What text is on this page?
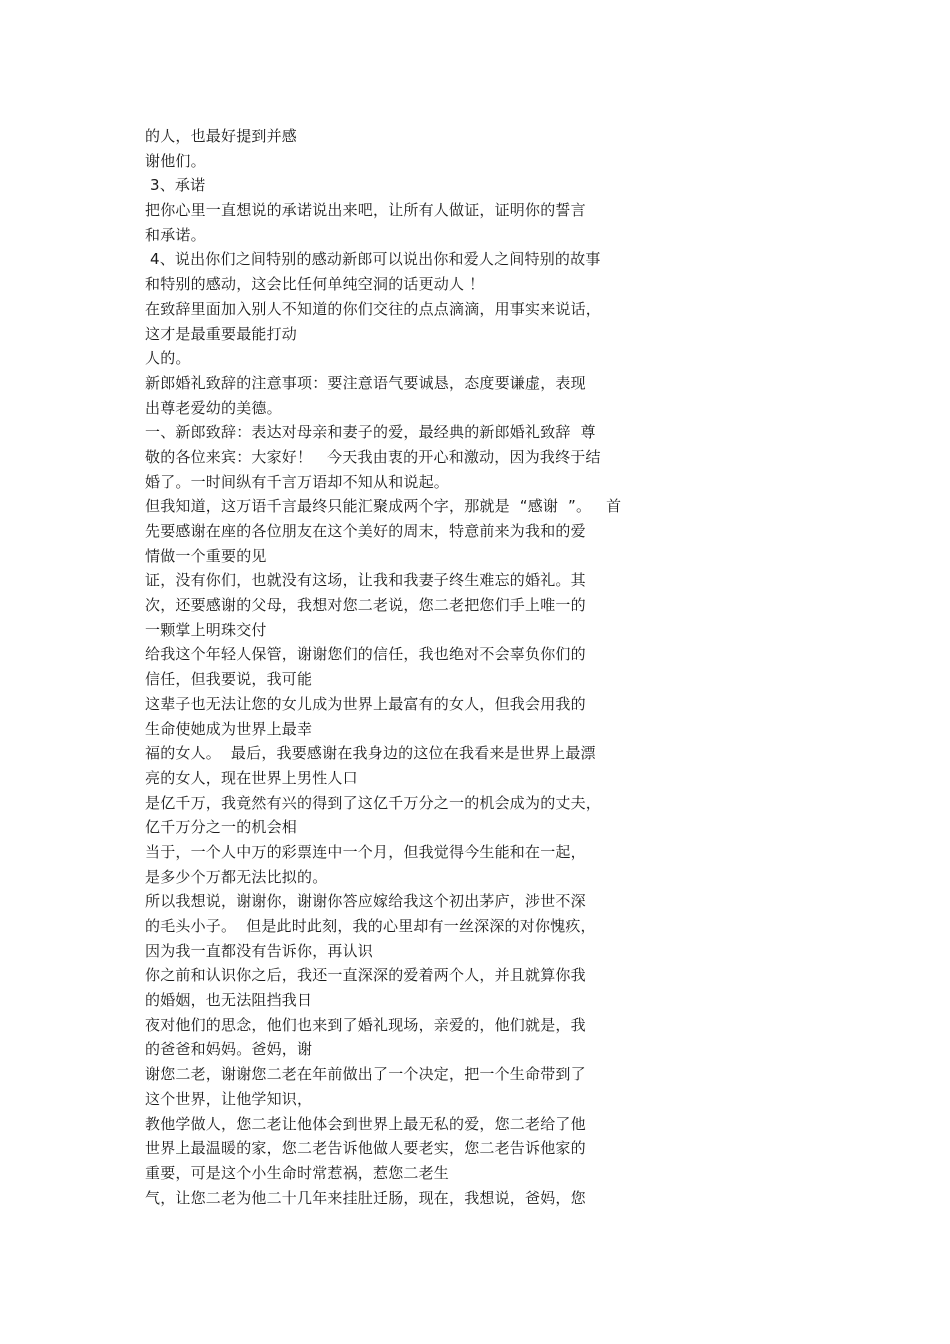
的人，也最好提到并感
谢他们。
3、承诺
把你心里一直想说的承诺说出来吧，让所有人做证，证明你的誓言
和承诺。
4、说出你们之间特别的感动新郎可以说出你和爱人之间特别的故事
和特别的感动，这会比任何单纯空洞的话更动人 ！
在致辞里面加入别人不知道的你们交往的点点滴滴，用事实来说话，
这才是最重要最能打动
人的。
新郎婚礼致辞的注意事项：要注意语气要诚恳，态度要谦虚，表现
出尊老爱幼的美德。
一、新郎致辞：表达对母亲和妻子的爱，最经典的新郎婚礼致辞  尊
敬的各位来宾：大家好！   今天我由衷的开心和激动，因为我终于结
婚了。一时间纵有千言万语却不知从和说起。
但我知道，这万语千言最终只能汇聚成两个字，那就是  “感谢  ”。   首
先要感谢在座的各位朋友在这个美好的周末，特意前来为我和的爱
情做一个重要的见
证，没有你们，也就没有这场，让我和我妻子终生难忘的婚礼。其
次，还要感谢的父母，我想对您二老说，您二老把您们手上唯一的
一颗掌上明珠交付
给我这个年轻人保管，谢谢您们的信任，我也绝对不会辜负你们的
信任，但我要说，我可能
这辈子也无法让您的女儿成为世界上最富有的女人，但我会用我的
生命使她成为世界上最幸
福的女人。  最后，我要感谢在我身边的这位在我看来是世界上最漂
亮的女人，现在世界上男性人口
是亿千万，我竟然有兴的得到了这亿千万分之一的机会成为的丈夫，
亿千万分之一的机会相
当于，一个人中万的彩票连中一个月，但我觉得今生能和在一起，
是多少个万都无法比拟的。
所以我想说，谢谢你，谢谢你答应嫁给我这个初出茅庐，涉世不深
的毛头小子。  但是此时此刻，我的心里却有一丝深深的对你愧疚，
因为我一直都没有告诉你，再认识
你之前和认识你之后，我还一直深深的爱着两个人，并且就算你我
的婚姻，也无法阻挡我日
夜对他们的思念，他们也来到了婚礼现场，亲爱的，他们就是，我
的爸爸和妈妈。爸妈，谢
谢您二老，谢谢您二老在年前做出了一个决定，把一个生命带到了
这个世界，让他学知识，
教他学做人，您二老让他体会到世界上最无私的爱，您二老给了他
世界上最温暖的家，您二老告诉他做人要老实，您二老告诉他家的
重要，可是这个小生命时常惹祸，惹您二老生
气，让您二老为他二十几年来挂肚迁肠，现在，我想说，爸妈，您
